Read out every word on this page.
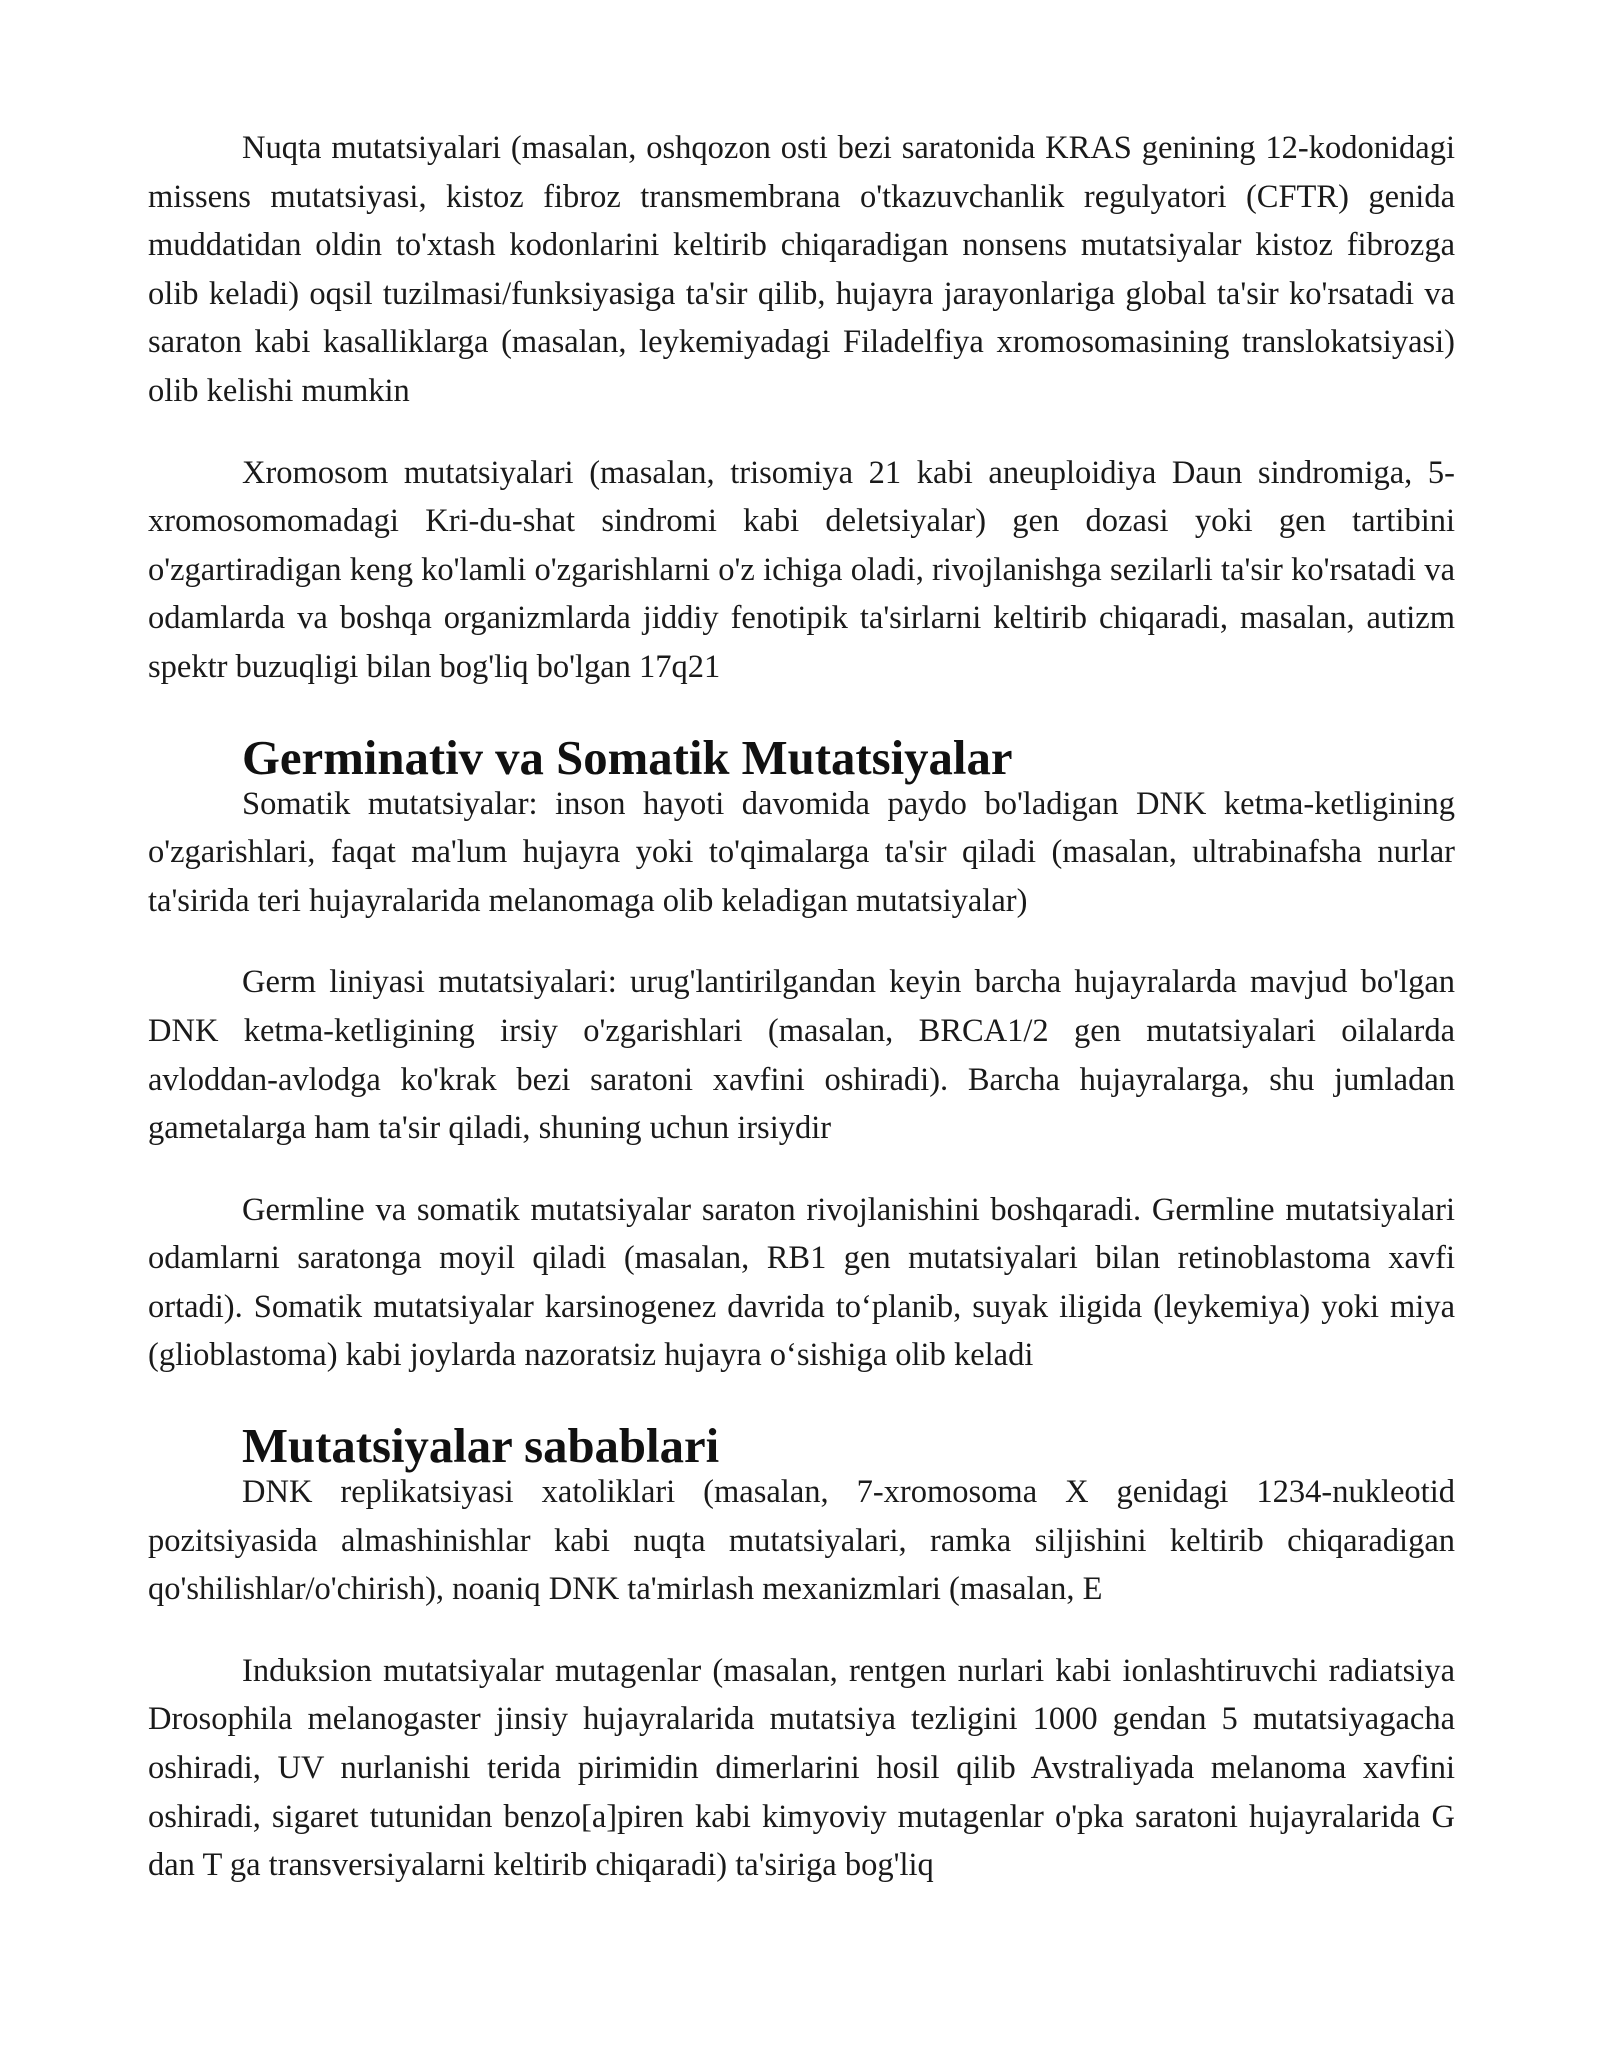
Nuqta mutatsiyalari (masalan, oshqozon osti bezi saratonida KRAS genining 12-kodonidagi missens mutatsiyasi, kistoz fibroz transmembrana o'tkazuvchanlik regulyatori (CFTR) genida muddatidan oldin to'xtash kodonlarini keltirib chiqaradigan nonsens mutatsiyalar kistoz fibrozga olib keladi) oqsil tuzilmasi/funksiyasiga ta'sir qilib, hujayra jarayonlariga global ta'sir ko'rsatadi va saraton kabi kasalliklarga (masalan, leykemiyadagi Filadelfiya xromosomasining translokatsiyasi) olib kelishi mumkin

Xromosom mutatsiyalari (masalan, trisomiya 21 kabi aneuploidiya Daun sindromiga, 5-xromosomomadagi Kri-du-shat sindromi kabi deletsiyalar) gen dozasi yoki gen tartibini o'zgartiradigan keng ko'lamli o'zgarishlarni o'z ichiga oladi, rivojlanishga sezilarli ta'sir ko'rsatadi va odamlarda va boshqa organizmlarda jiddiy fenotipik ta'sirlarni keltirib chiqaradi, masalan, autizm spektr buzuqligi bilan bog'liq bo'lgan 17q21

Germinativ va Somatik Mutatsiyalar

Somatik mutatsiyalar: inson hayoti davomida paydo bo'ladigan DNK ketma-ketligining o'zgarishlari, faqat ma'lum hujayra yoki to'qimalarga ta'sir qiladi (masalan, ultrabinafsha nurlar ta'sirida teri hujayralarida melanomaga olib keladigan mutatsiyalar)

Germ liniyasi mutatsiyalari: urug'lantirilgandan keyin barcha hujayralarda mavjud bo'lgan DNK ketma-ketligining irsiy o'zgarishlari (masalan, BRCA1/2 gen mutatsiyalari oilalarda avloddan-avlodga ko'krak bezi saratoni xavfini oshiradi). Barcha hujayralarga, shu jumladan gametalarga ham ta'sir qiladi, shuning uchun irsiydir

Germline va somatik mutatsiyalar saraton rivojlanishini boshqaradi. Germline mutatsiyalari odamlarni saratonga moyil qiladi (masalan, RB1 gen mutatsiyalari bilan retinoblastoma xavfi ortadi). Somatik mutatsiyalar karsinogenez davrida to‘planib, suyak iligida (leykemiya) yoki miya (glioblastoma) kabi joylarda nazoratsiz hujayra o‘sishiga olib keladi

Mutatsiyalar sabablari

DNK replikatsiyasi xatoliklari (masalan, 7-xromosoma X genidagi 1234-nukleotid pozitsiyasida almashinishlar kabi nuqta mutatsiyalari, ramka siljishini keltirib chiqaradigan qo'shilishlar/o'chirish), noaniq DNK ta'mirlash mexanizmlari (masalan, E

Induksion mutatsiyalar mutagenlar (masalan, rentgen nurlari kabi ionlashtiruvchi radiatsiya Drosophila melanogaster jinsiy hujayralarida mutatsiya tezligini 1000 gendan 5 mutatsiyagacha oshiradi, UV nurlanishi terida pirimidin dimerlarini hosil qilib Avstraliyada melanoma xavfini oshiradi, sigaret tutunidan benzo[a]piren kabi kimyoviy mutagenlar o'pka saratoni hujayralarida G dan T ga transversiyalarni keltirib chiqaradi) ta'siriga bog'liq
